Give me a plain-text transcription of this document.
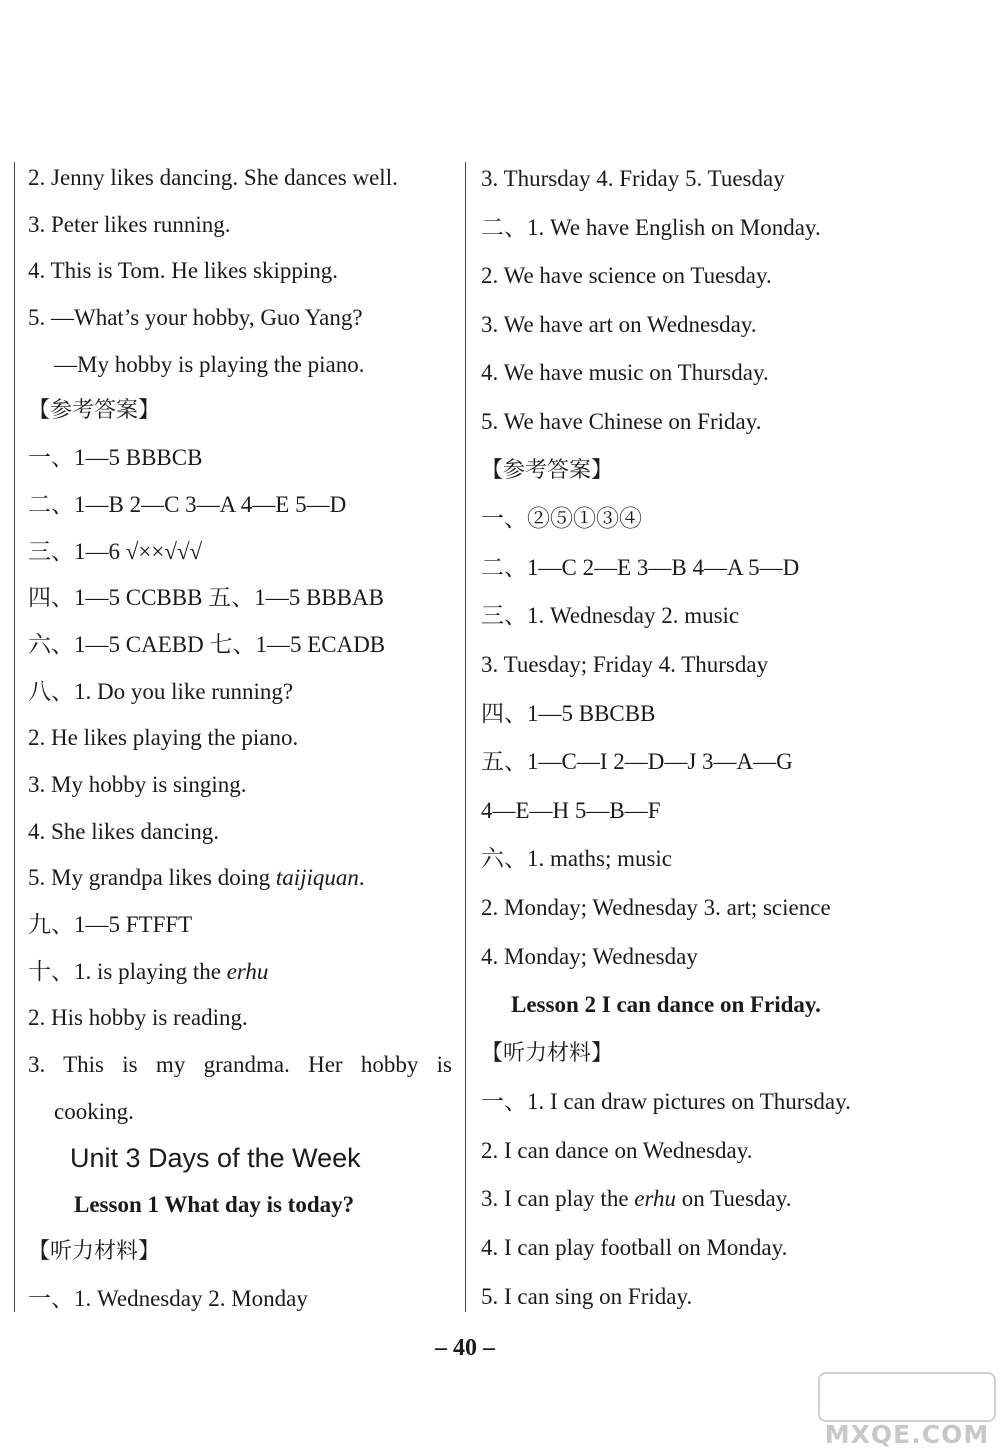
2. Jenny likes dancing. She dances well.
3. Peter likes running.
4. This is Tom. He likes skipping.
5. —What’s your hobby, Guo Yang?
—My hobby is playing the piano.
【参考答案】
一、1—5 BBBCB
二、1—B 2—C 3—A 4—E 5—D
三、1—6 √××√√√
四、1—5 CCBBB 五、1—5 BBBAB
六、1—5 CAEBD 七、1—5 ECADB
八、1. Do you like running?
2. He likes playing the piano.
3. My hobby is singing.
4. She likes dancing.
5. My grandpa likes doing taijiquan.
九、1—5 FTFFT
十、1. is playing the erhu
2. His hobby is reading.
3. This is my grandma. Her hobby is
cooking.
Unit 3 Days of the Week
Lesson 1 What day is today?
【听力材料】
一、1. Wednesday 2. Monday
3. Thursday 4. Friday 5. Tuesday
二、1. We have English on Monday.
2. We have science on Tuesday.
3. We have art on Wednesday.
4. We have music on Thursday.
5. We have Chinese on Friday.
【参考答案】
一、②⑤①③④
二、1—C 2—E 3—B 4—A 5—D
三、1. Wednesday 2. music
3. Tuesday; Friday 4. Thursday
四、1—5 BBCBB
五、1—C—I 2—D—J 3—A—G
4—E—H 5—B—F
六、1. maths; music
2. Monday; Wednesday 3. art; science
4. Monday; Wednesday
Lesson 2 I can dance on Friday.
【听力材料】
一、1. I can draw pictures on Thursday.
2. I can dance on Wednesday.
3. I can play the erhu on Tuesday.
4. I can play football on Monday.
5. I can sing on Friday.
– 40 –
MXQE.COM
